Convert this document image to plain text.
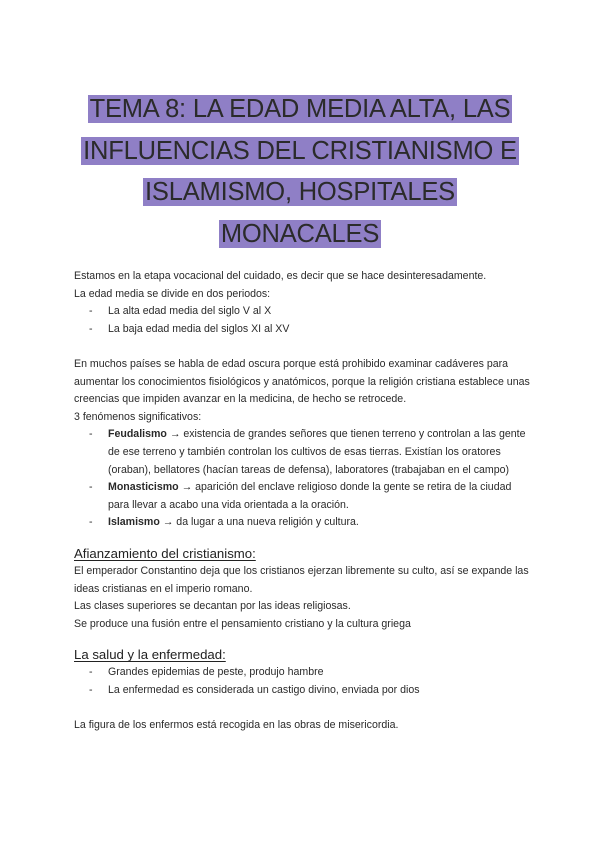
TEMA 8: LA EDAD MEDIA ALTA, LAS
INFLUENCIAS DEL CRISTIANISMO E
ISLAMISMO, HOSPITALES
MONACALES

Estamos en la etapa vocacional del cuidado, es decir que se hace desinteresadamente.

La edad media se divide en dos periodos:

- La alta edad media del siglo V al X
- La baja edad media del siglos XI al XV

En muchos países se habla de edad oscura porque está prohibido examinar cadáveres para aumentar los conocimientos fisiológicos y anatómicos, porque la religión cristiana establece unas creencias que impiden avanzar en la medicina, de hecho se retrocede.

3 fenómenos significativos:

- Feudalismo → existencia de grandes señores que tienen terreno y controlan a las gente de ese terreno y también controlan los cultivos de esas tierras. Existían los oratores (oraban), bellatores (hacían tareas de defensa), laboratores (trabajaban en el campo)
- Monasticismo → aparición del enclave religioso donde la gente se retira de la ciudad para llevar a acabo una vida orientada a la oración.
- Islamismo → da lugar a una nueva religión y cultura.
Afianzamiento del cristianismo:

El emperador Constantino deja que los cristianos ejerzan libremente su culto, así se expande las ideas cristianas en el imperio romano.

Las clases superiores se decantan por las ideas religiosas.

Se produce una fusión entre el pensamiento cristiano y la cultura griega

La salud y la enfermedad:
- Grandes epidemias de peste, produjo hambre
- La enfermedad es considerada un castigo divino, enviada por dios

La figura de los enfermos está recogida en las obras de misericordia.
